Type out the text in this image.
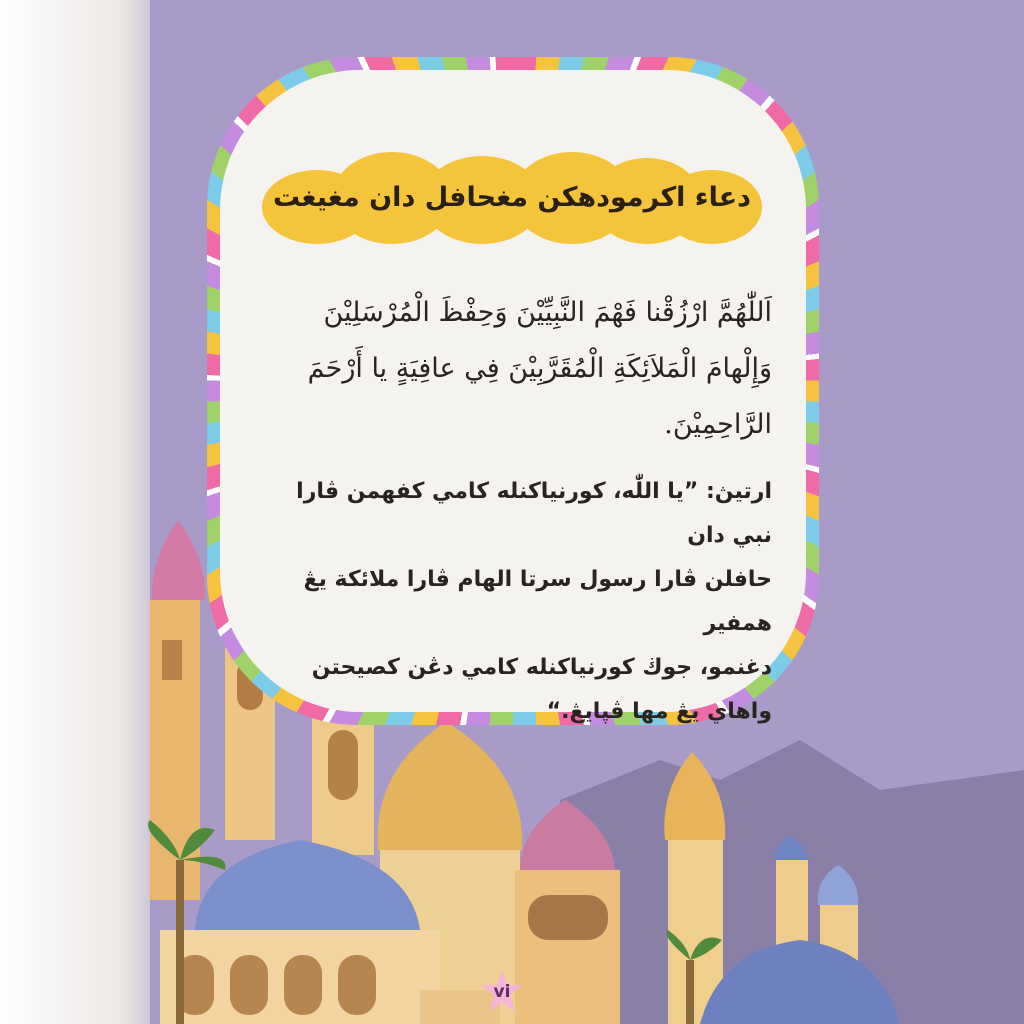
دعاء اكرمودهكن مغحافل دان مغيغت
اَللّٰهُمَّ ارْزُقْنا فَهْمَ النَّبِيِّيْنَ وَحِفْظَ الْمُرْسَلِيْنَ
وَإِلْهامَ الْمَلاَئِكَةِ الْمُقَرَّبِيْنَ فِي عافِيَةٍ يا أَرْحَمَ
الرَّاحِمِيْنَ.
ارتيڽ: ”يا اللّٰه، كورنياكنله كامي كفهمن ڤارا نبي دان
حافلن ڤارا رسول سرتا الهام ڤارا ملائكة يڠ همفير
دغنمو، جوڬ كورنياكنله كامي دڠن كصيحتن
واهاي يڠ مها ڤڽايڠ.“
vi
